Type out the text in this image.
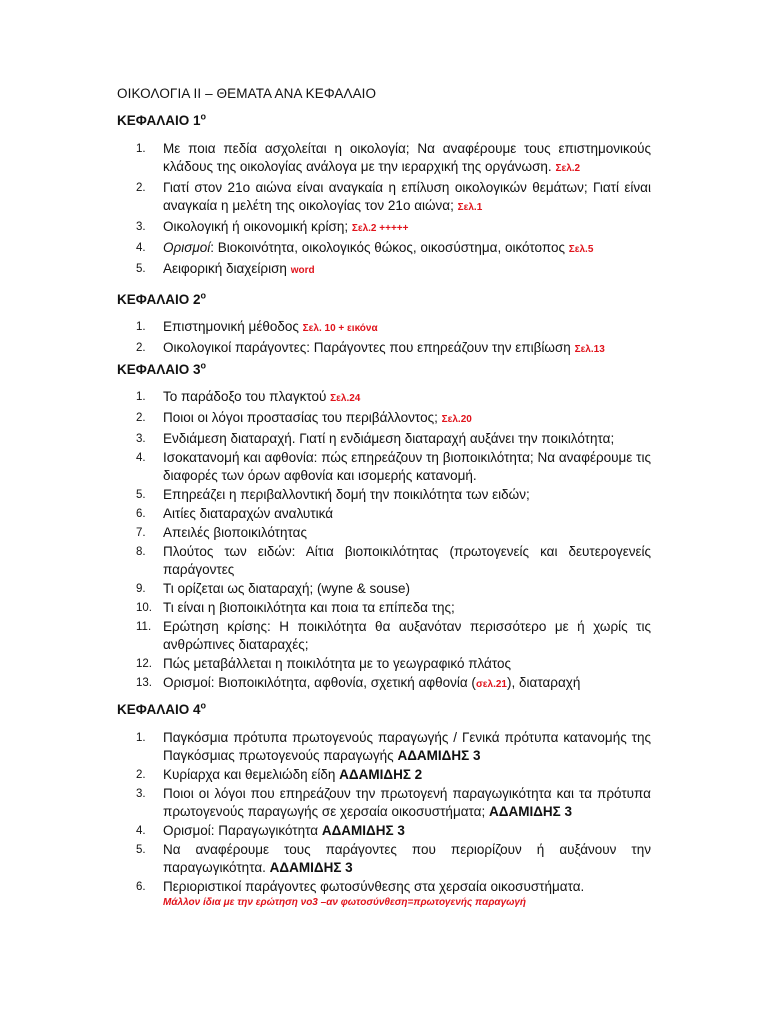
ΟΙΚΟΛΟΓΙΑ ΙΙ – ΘΕΜΑΤΑ ΑΝΑ ΚΕΦΑΛΑΙΟ
ΚΕΦΑΛΑΙΟ $1^o$
1. Με ποια πεδία ασχολείται η οικολογία; Να αναφέρουμε τους επιστημονικούς κλάδους της οικολογίας ανάλογα με την ιεραρχική της οργάνωση. Σελ.2
2. Γιατί στον 21ο αιώνα είναι αναγκαία η επίλυση οικολογικών θεμάτων; Γιατί είναι αναγκαία η μελέτη της οικολογίας τον 21ο αιώνα; Σελ.1
3. Οικολογική ή οικονομική κρίση; Σελ.2 +++++
4. Ορισμοί: Βιοκοινότητα, οικολογικός θώκος, οικοσύστημα, οικότοπος Σελ.5
5. Αειφορική διαχείριση word
ΚΕΦΑΛΑΙΟ $2^o$
1. Επιστημονική μέθοδος Σελ. 10 + εικόνα
2. Οικολογικοί παράγοντες: Παράγοντες που επηρεάζουν την επιβίωση Σελ.13
ΚΕΦΑΛΑΙΟ $3^o$
1. Το παράδοξο του πλαγκτού Σελ.24
2. Ποιοι οι λόγοι προστασίας του περιβάλλοντος; Σελ.20
3. Ενδιάμεση διαταραχή. Γιατί η ενδιάμεση διαταραχή αυξάνει την ποικιλότητα;
4. Ισοκατανομή και αφθονία: πώς επηρεάζουν τη βιοποικιλότητα; Να αναφέρουμε τις διαφορές των όρων αφθονία και ισομερής κατανομή.
5. Επηρεάζει η περιβαλλοντική δομή την ποικιλότητα των ειδών;
6. Αιτίες διαταραχών αναλυτικά
7. Απειλές βιοποικιλότητας
8. Πλούτος των ειδών: Αίτια βιοποικιλότητας (πρωτογενείς και δευτερογενείς παράγοντες
9. Τι ορίζεται ως διαταραχή; (wyne & souse)
10. Τι είναι η βιοποικιλότητα και ποια τα επίπεδα της;
11. Ερώτηση κρίσης: Η ποικιλότητα θα αυξανόταν περισσότερο με ή χωρίς τις ανθρώπινες διαταραχές;
12. Πώς μεταβάλλεται η ποικιλότητα με το γεωγραφικό πλάτος
13. Ορισμοί: Βιοποικιλότητα, αφθονία, σχετική αφθονία (σελ.21), διαταραχή
ΚΕΦΑΛΑΙΟ $4^o$
1. Παγκόσμια πρότυπα πρωτογενούς παραγωγής / Γενικά πρότυπα κατανομής της Παγκόσμιας πρωτογενούς παραγωγής ΑΔΑΜΙΔΗΣ 3
2. Κυρίαρχα και θεμελιώδη είδη ΑΔΑΜΙΔΗΣ 2
3. Ποιοι οι λόγοι που επηρεάζουν την πρωτογενή παραγωγικότητα και τα πρότυπα πρωτογενούς παραγωγής σε χερσαία οικοσυστήματα; ΑΔΑΜΙΔΗΣ 3
4. Ορισμοί: Παραγωγικότητα ΑΔΑΜΙΔΗΣ 3
5. Να αναφέρουμε τους παράγοντες που περιορίζουν ή αυξάνουν την παραγωγικότητα. ΑΔΑΜΙΔΗΣ 3
6. Περιοριστικοί παράγοντες φωτοσύνθεσης στα χερσαία οικοσυστήματα.
Μάλλον ίδια με την ερώτηση νο3 –αν φωτοσύνθεση=πρωτογενής παραγωγή
